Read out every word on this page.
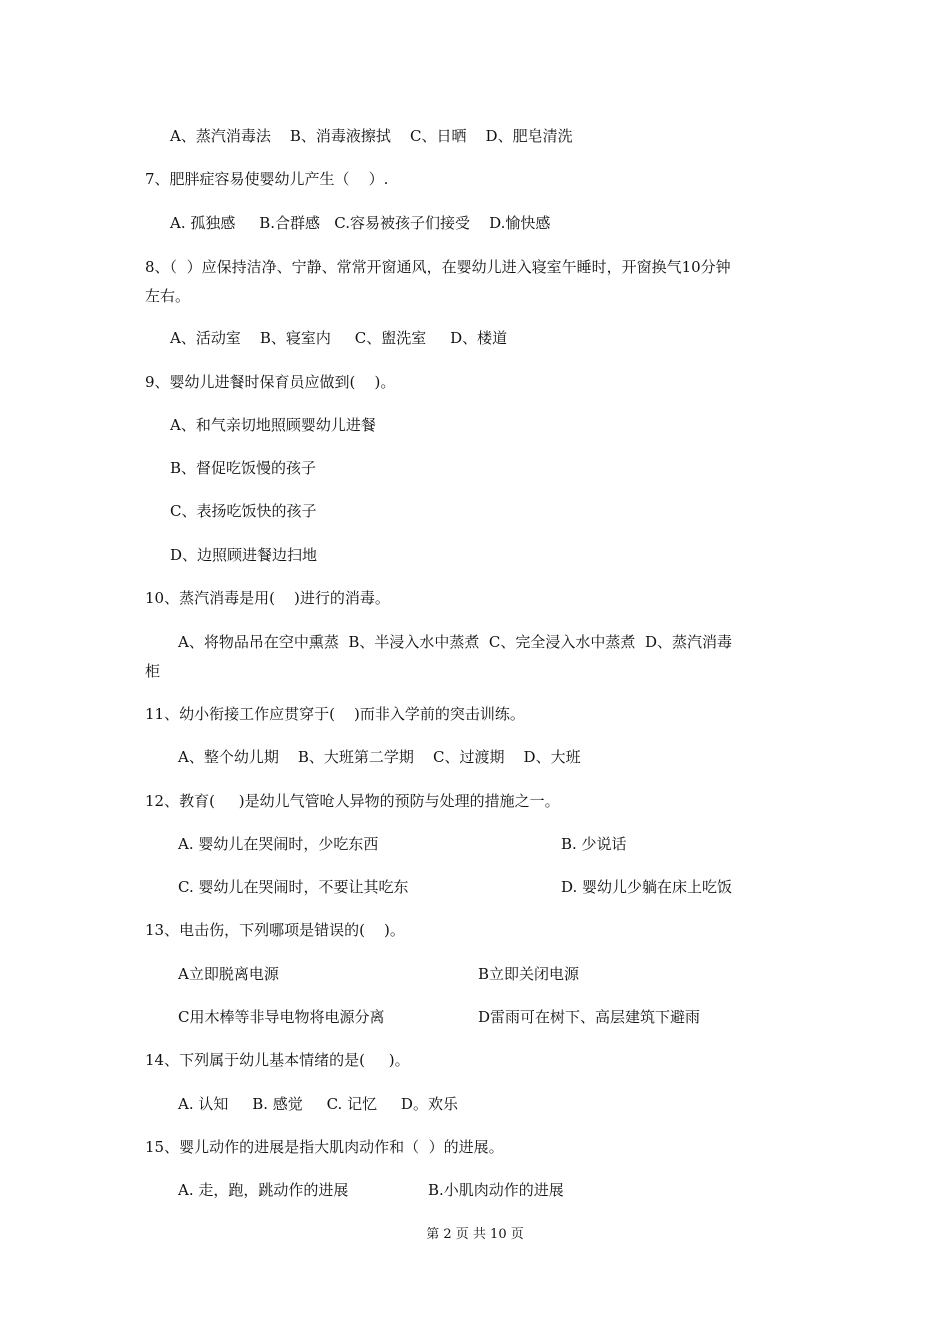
A、蒸汽消毒法    B、消毒液擦拭    C、日晒    D、肥皂清洗
7、肥胖症容易使婴幼儿产生（    ）.
A. 孤独感     B.合群感   C.容易被孩子们接受    D.愉快感
8、（  ）应保持洁净、宁静、常常开窗通风，在婴幼儿进入寝室午睡时，开窗换气10分钟
左右。
A、活动室    B、寝室内     C、盥洗室     D、楼道
9、婴幼儿进餐时保育员应做到(    )。
A、和气亲切地照顾婴幼儿进餐
B、督促吃饭慢的孩子
C、表扬吃饭快的孩子
D、边照顾进餐边扫地
10、蒸汽消毒是用(    )进行的消毒。
A、将物品吊在空中熏蒸  B、半浸入水中蒸煮  C、完全浸入水中蒸煮  D、蒸汽消毒
柜
11、幼小衔接工作应贯穿于(    )而非入学前的突击训练。
A、整个幼儿期    B、大班第二学期    C、过渡期    D、大班
12、教育(     )是幼儿气管呛人异物的预防与处理的措施之一。
A. 婴幼儿在哭闹时，少吃东西	B. 少说话
C. 婴幼儿在哭闹时，不要让其吃东	D. 婴幼儿少躺在床上吃饭
13、电击伤，下列哪项是错误的(    )。
A立即脱离电源	B立即关闭电源
C用木棒等非导电物将电源分离	D雷雨可在树下、高层建筑下避雨
14、下列属于幼儿基本情绪的是(     )。
A. 认知     B. 感觉     C. 记忆     D。欢乐
15、婴儿动作的进展是指大肌肉动作和（  ）的进展。
A. 走，跑，跳动作的进展	B.小肌肉动作的进展
第 2 页 共 10 页
